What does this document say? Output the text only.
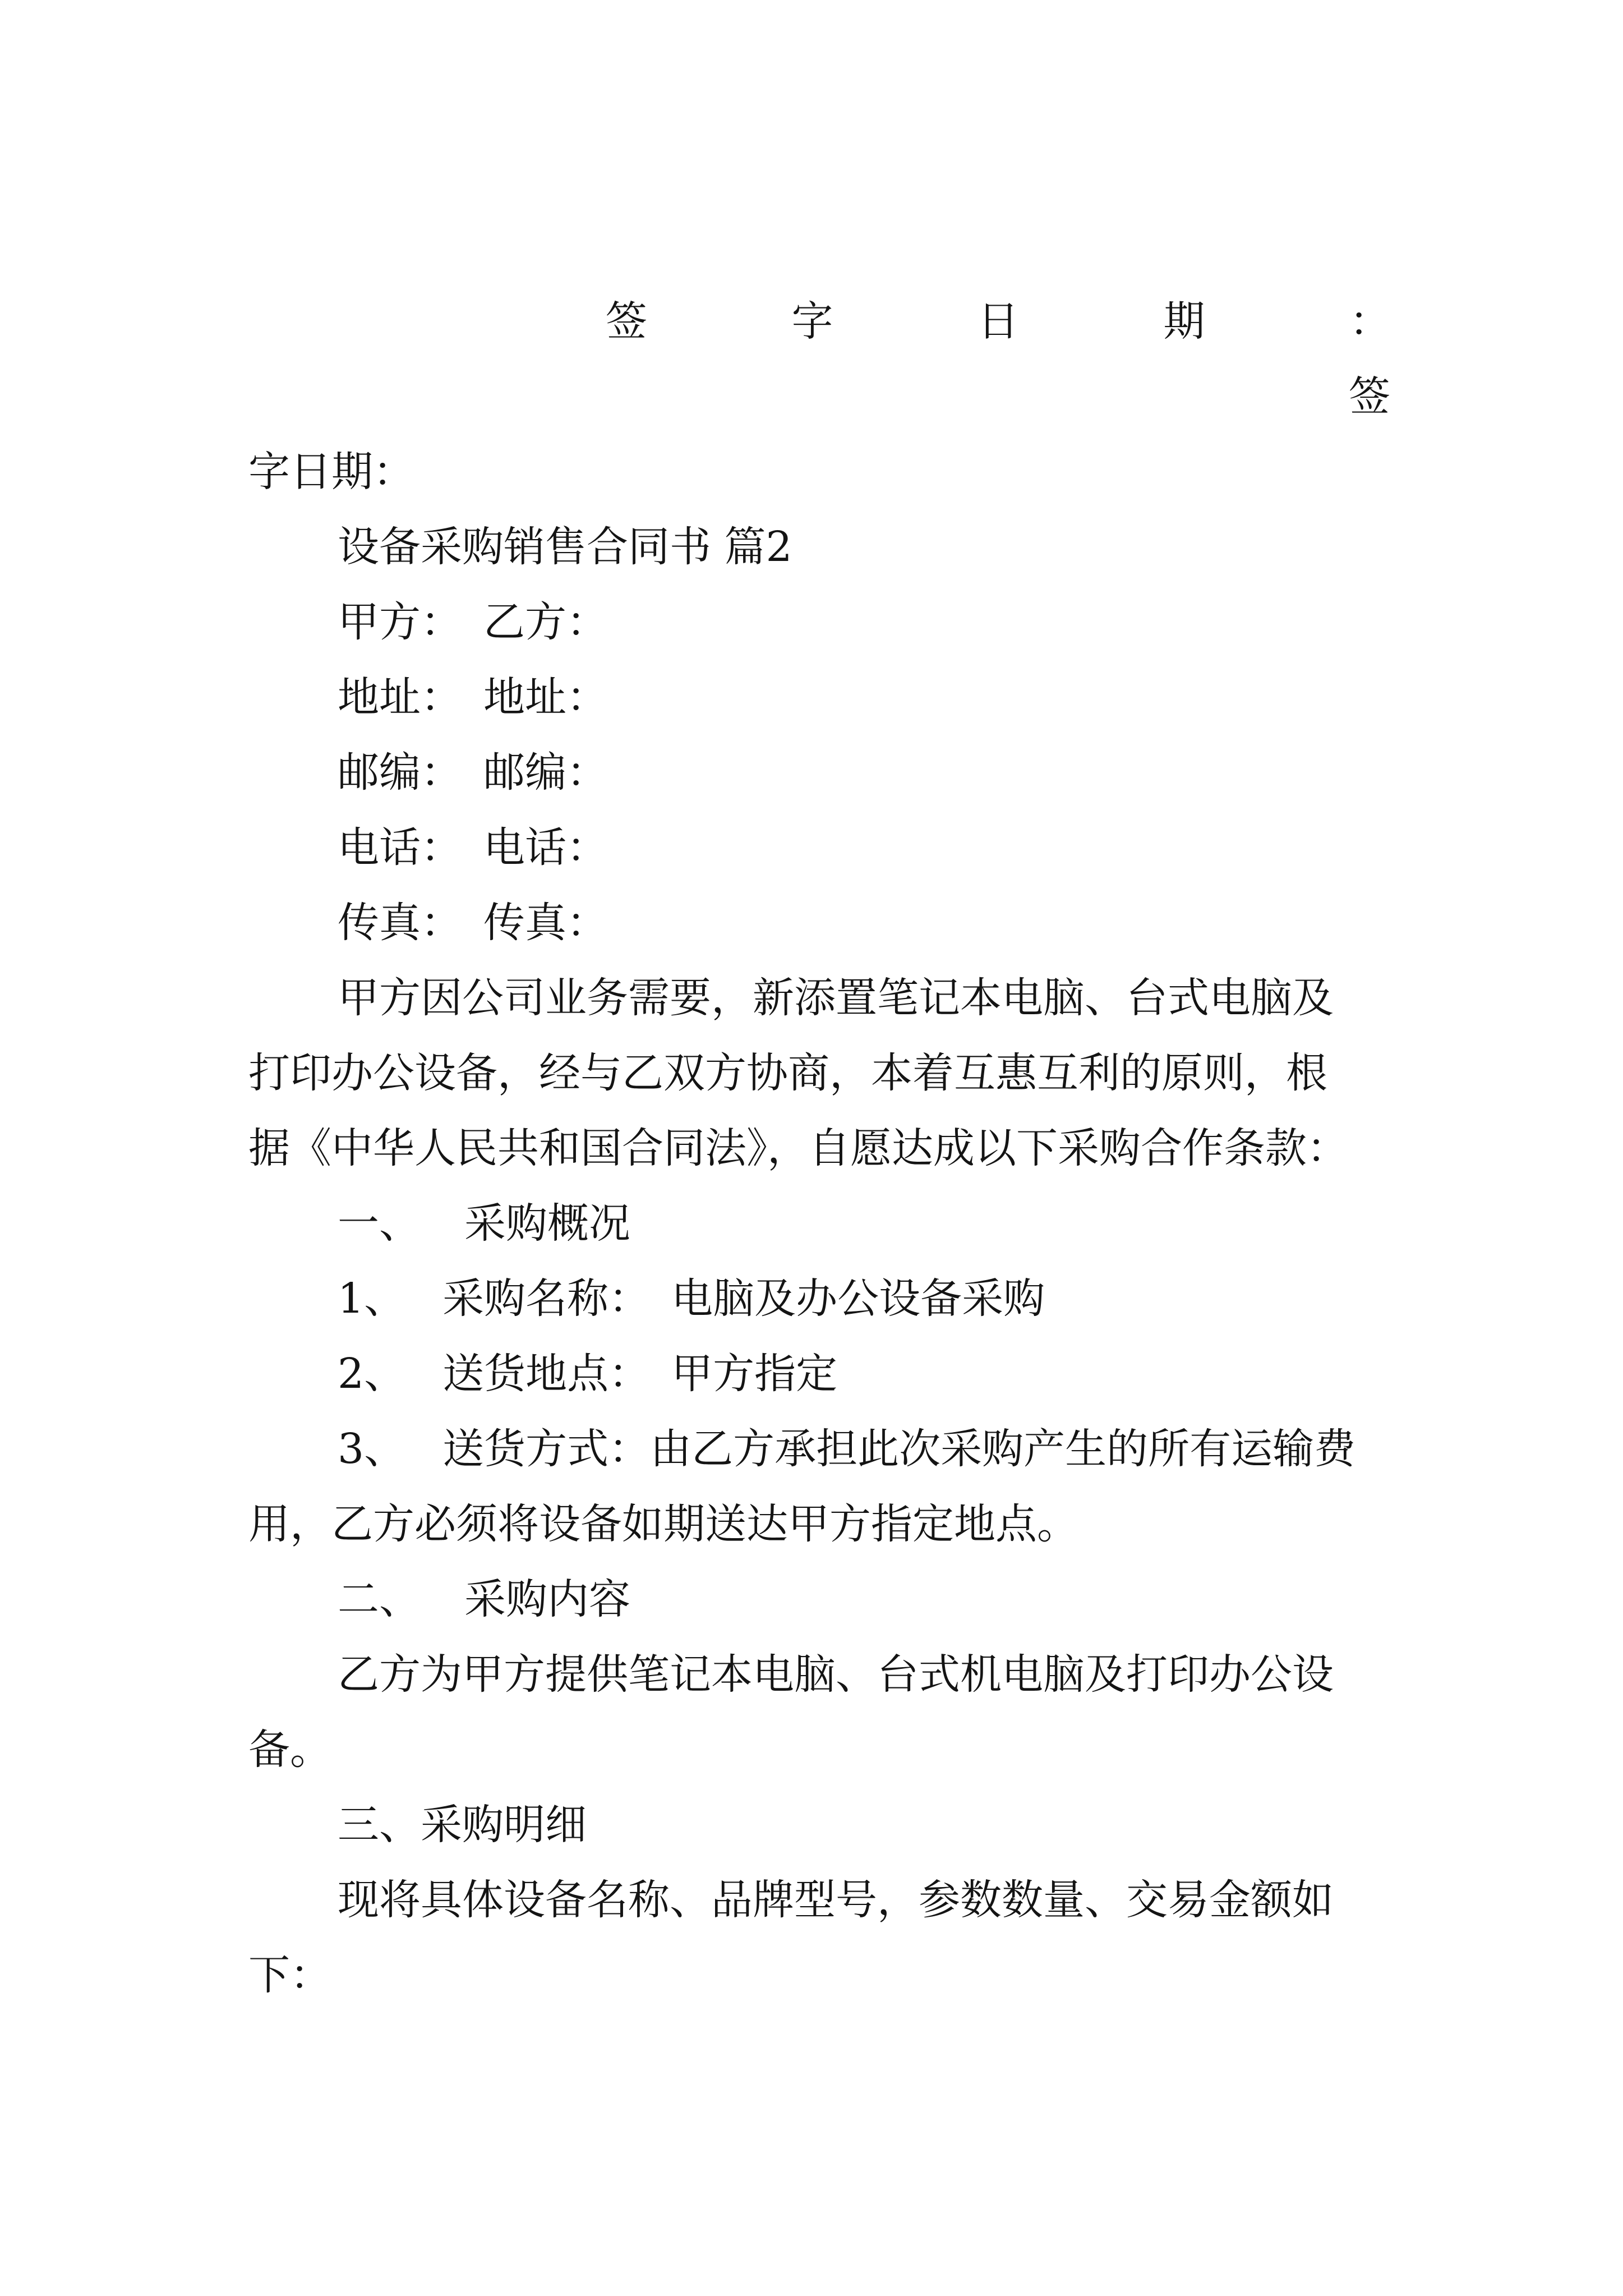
签	字	日	期	：

签

字日期：

设备采购销售合同书 篇2

甲方： 乙方：

地址： 地址：

邮编： 邮编：

电话： 电话：

传真： 传真：

甲方因公司业务需要，新添置笔记本电脑、台式电脑及

打印办公设备，经与乙双方协商，本着互惠互利的原则，根

据《中华人民共和国合同法》，自愿达成以下采购合作条款：

一、 采购概况

1、 采购名称： 电脑及办公设备采购

2、 送货地点： 甲方指定

3、 送货方式：由乙方承担此次采购产生的所有运输费

用，乙方必须将设备如期送达甲方指定地点。

二、 采购内容

乙方为甲方提供笔记本电脑、台式机电脑及打印办公设

备。

三、采购明细

现将具体设备名称、品牌型号，参数数量、交易金额如

下：
